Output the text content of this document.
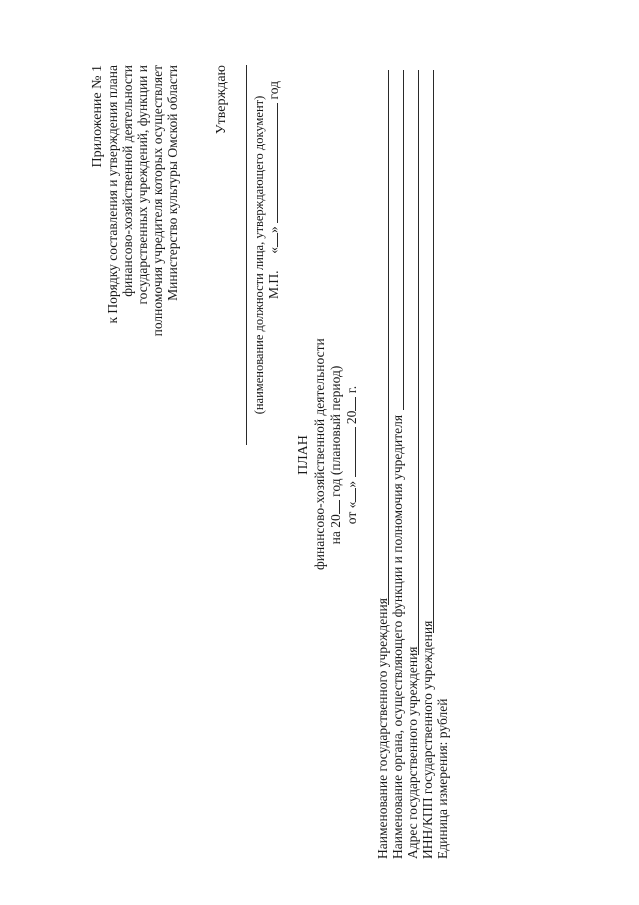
Приложение № 1 к Порядку составления и утверждения плана финансово-хозяйственной деятельности государственных учреждений, функции и полномочия учредителя которых осуществляет Министерство культуры Омской области Утверждаю (наименование должности лица, утверждающего документ) М.П.  «»  год
ПЛАН финансово-хозяйственной деятельности на 20 год (плановый период)
от «»  20 г.
Наименование государственного учреждения Наименование органа, осуществляющего функции и полномочия учредителя Адрес государственного учреждения ИНН/КПП государственного учреждения Единица измерения: рублей
